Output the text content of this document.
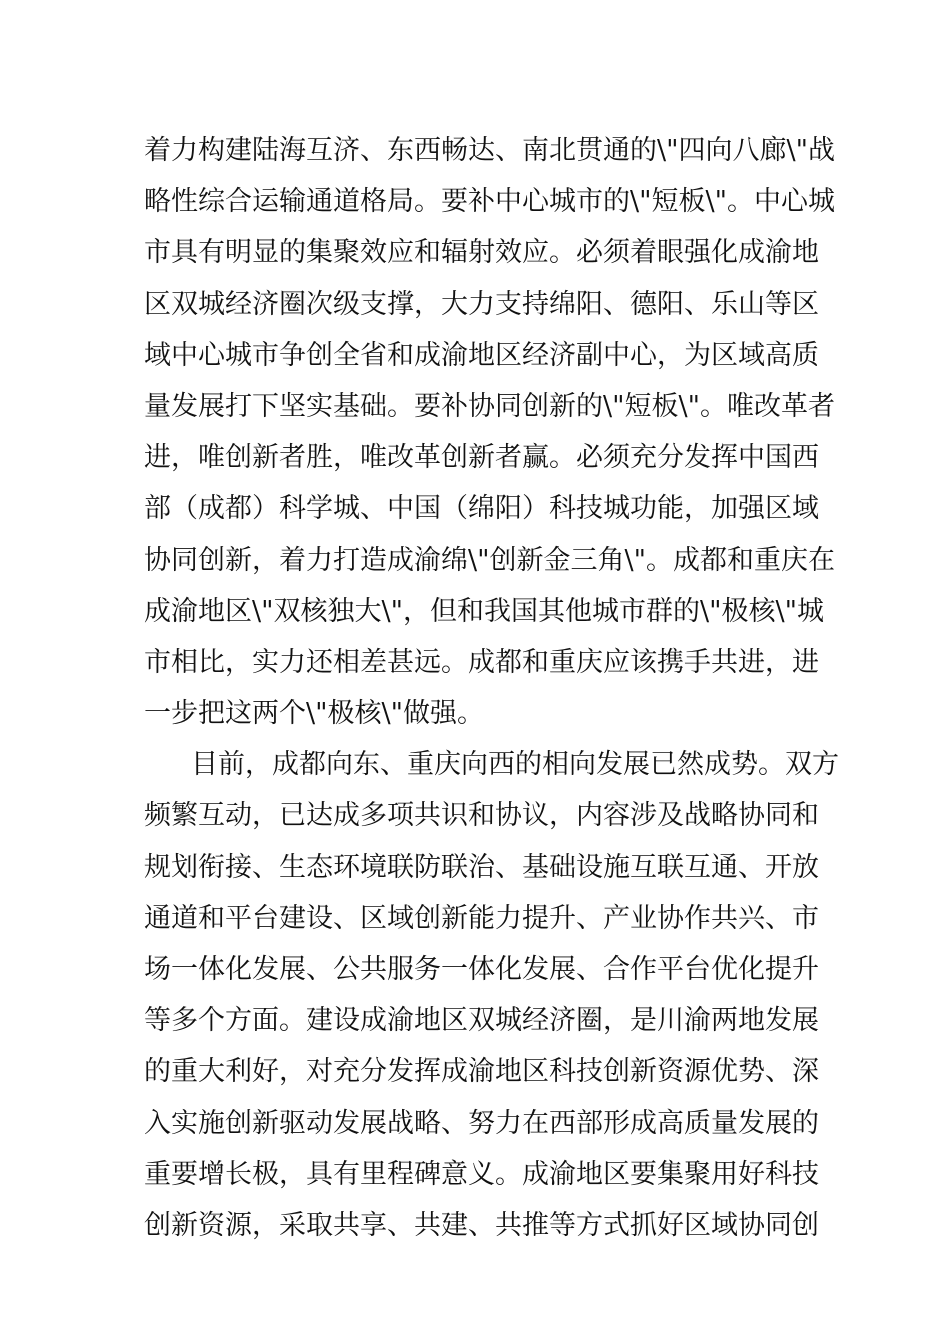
着力构建陆海互济、东西畅达、南北贯通的\"四向八廊\"战
略性综合运输通道格局。要补中心城市的\"短板\"。中心城
市具有明显的集聚效应和辐射效应。必须着眼强化成渝地
区双城经济圈次级支撑，大力支持绵阳、德阳、乐山等区
域中心城市争创全省和成渝地区经济副中心，为区域高质
量发展打下坚实基础。要补协同创新的\"短板\"。唯改革者
进，唯创新者胜，唯改革创新者赢。必须充分发挥中国西
部（成都）科学城、中国（绵阳）科技城功能，加强区域
协同创新，着力打造成渝绵\"创新金三角\"。成都和重庆在
成渝地区\"双核独大\"，但和我国其他城市群的\"极核\"城
市相比，实力还相差甚远。成都和重庆应该携手共进，进
一步把这两个\"极核\"做强。
目前，成都向东、重庆向西的相向发展已然成势。双方
频繁互动，已达成多项共识和协议，内容涉及战略协同和
规划衔接、生态环境联防联治、基础设施互联互通、开放
通道和平台建设、区域创新能力提升、产业协作共兴、市
场一体化发展、公共服务一体化发展、合作平台优化提升
等多个方面。建设成渝地区双城经济圈，是川渝两地发展
的重大利好，对充分发挥成渝地区科技创新资源优势、深
入实施创新驱动发展战略、努力在西部形成高质量发展的
重要增长极，具有里程碑意义。成渝地区要集聚用好科技
创新资源，采取共享、共建、共推等方式抓好区域协同创
